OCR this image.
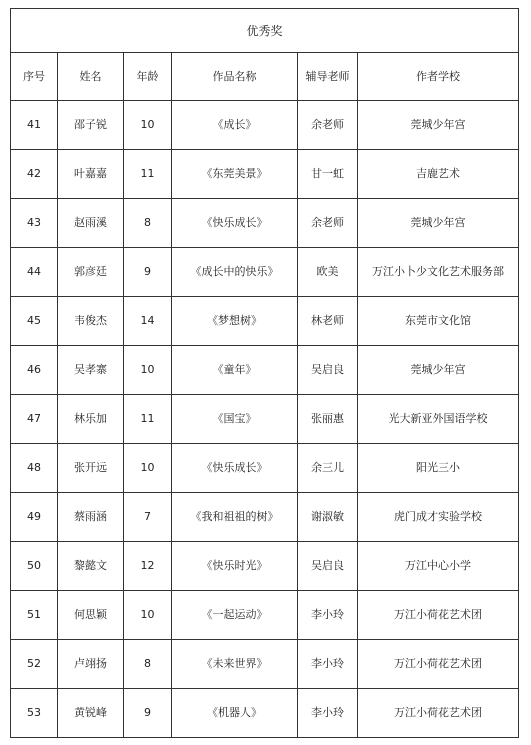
优秀奖					
序号	姓名	年龄	作品名称	辅导老师	作者学校
41	邵子锐	10	《成长》	余老师	莞城少年宫
42	叶嘉嘉	11	《东莞美景》	甘一虹	吉鹿艺术
43	赵雨溪	8	《快乐成长》	余老师	莞城少年宫
44	郭彦廷	9	《成长中的快乐》	欧美	万江小卜少文化艺术服务部
45	韦俊杰	14	《梦想树》	林老师	东莞市文化馆
46	吴孝寨	10	《童年》	吴启良	莞城少年宫
47	林乐加	11	《国宝》	张丽惠	光大新亚外国语学校
48	张开远	10	《快乐成长》	余三儿	阳光三小
49	蔡雨涵	7	《我和祖祖的树》	谢淑敏	虎门成才实验学校
50	黎懿文	12	《快乐时光》	吴启良	万江中心小学
51	何思颖	10	《一起运动》	李小玲	万江小荷花艺术团
52	卢翊扬	8	《未来世界》	李小玲	万江小荷花艺术团
53	黄锐峰	9	《机器人》	李小玲	万江小荷花艺术团
